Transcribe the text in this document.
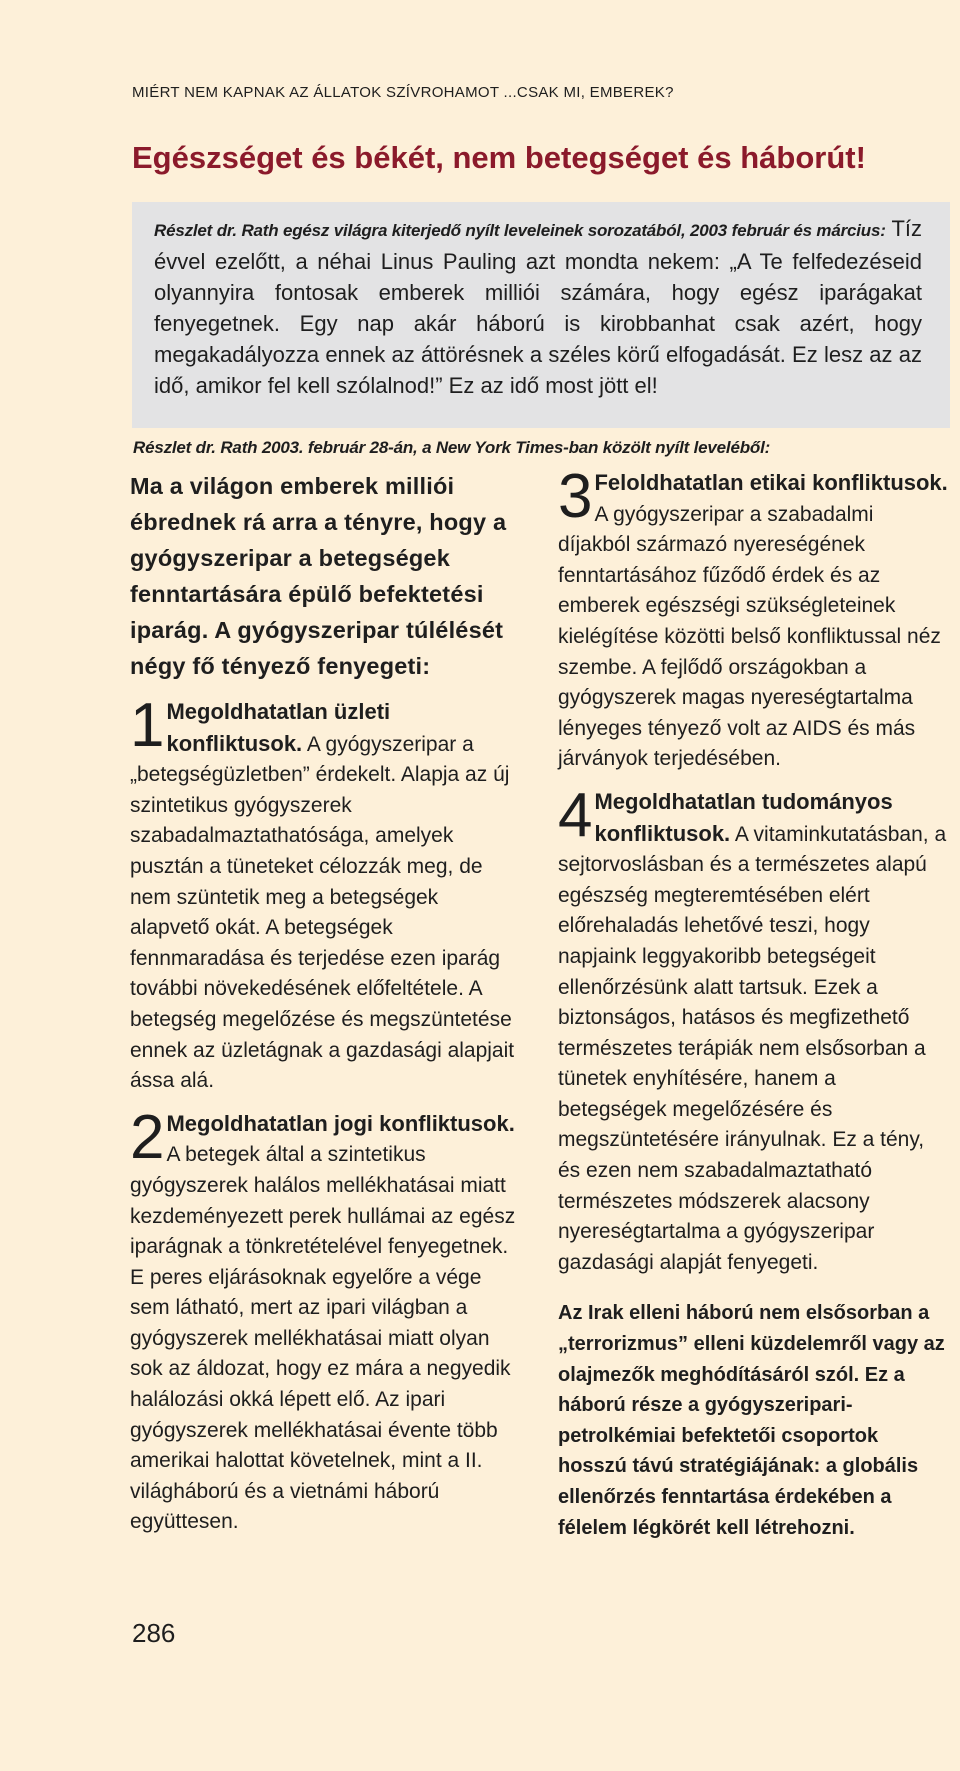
MIÉRT NEM KAPNAK AZ ÁLLATOK SZÍVROHAMOT ...CSAK MI, EMBEREK?
Egészséget és békét, nem betegséget és háborút!
Részlet dr. Rath egész világra kiterjedő nyílt leveleinek sorozatából, 2003 február és március: Tíz évvel ezelőtt, a néhai Linus Pauling azt mondta nekem: „A Te felfedezéseid olyannyira fontosak emberek milliói számára, hogy egész iparágakat fenyegetnek. Egy nap akár háború is kirobbanhat csak azért, hogy megakadályozza ennek az áttörésnek a széles körű elfogadását. Ez lesz az az idő, amikor fel kell szólalnod!” Ez az idő most jött el!
Részlet dr. Rath 2003. február 28-án, a New York Times-ban közölt nyílt leveléből:

Ma a világon emberek milliói ébrednek rá arra a tényre, hogy a gyógyszeripar a betegségek fenntartására épülő befektetési iparág. A gyógyszeripar túlélését négy fő tényező fenyegeti:

1 Megoldhatatlan üzleti konfliktusok. A gyógyszeripar a „betegségüzletben” érdekelt. Alapja az új szintetikus gyógyszerek szabadalmaztathatósága, amelyek pusztán a tüneteket célozzák meg, de nem szüntetik meg a betegségek alapvető okát. A betegségek fennmaradása és terjedése ezen iparág további növekedésének előfeltétele. A betegség megelőzése és megszüntetése ennek az üzletágnak a gazdasági alapjait ássa alá.

2 Megoldhatatlan jogi konfliktusok. A betegek által a szintetikus gyógyszerek halálos mellékhatásai miatt kezdeményezett perek hullámai az egész iparágnak a tönkretételével fenyegetnek. E peres eljárásoknak egyelőre a vége sem látható, mert az ipari világban a gyógyszerek mellékhatásai miatt olyan sok az áldozat, hogy ez mára a negyedik halálozási okká lépett elő. Az ipari gyógyszerek mellékhatásai évente több amerikai halottat követelnek, mint a II. világháború és a vietnámi háború együttesen.

3 Feloldhatatlan etikai konfliktusok. A gyógyszeripar a szabadalmi díjakból származó nyereségének fenntartásához fűződő érdek és az emberek egészségi szükségleteinek kielégítése közötti belső konfliktussal néz szembe. A fejlődő országokban a gyógyszerek magas nyereségtartalma lényeges tényező volt az AIDS és más járványok terjedésében.

4 Megoldhatatlan tudományos konfliktusok. A vitaminkutatásban, a sejtorvoslásban és a természetes alapú egészség megteremtésében elért előrehaladás lehetővé teszi, hogy napjaink leggyakoribb betegségeit ellenőrzésünk alatt tartsuk. Ezek a biztonságos, hatásos és megfizethető természetes terápiák nem elsősorban a tünetek enyhítésére, hanem a betegségek megelőzésére és megszüntetésére irányulnak. Ez a tény, és ezen nem szabadalmaztatható természetes módszerek alacsony nyereségtartalma a gyógyszeripar gazdasági alapját fenyegeti.

Az Irak elleni háború nem elsősorban a „terrorizmus” elleni küzdelemről vagy az olajmezők meghódításáról szól. Ez a háború része a gyógyszeripari-petrolkémiai befektetői csoportok hosszú távú stratégiájának: a globális ellenőrzés fenntartása érdekében a félelem légkörét kell létrehozni.

286
